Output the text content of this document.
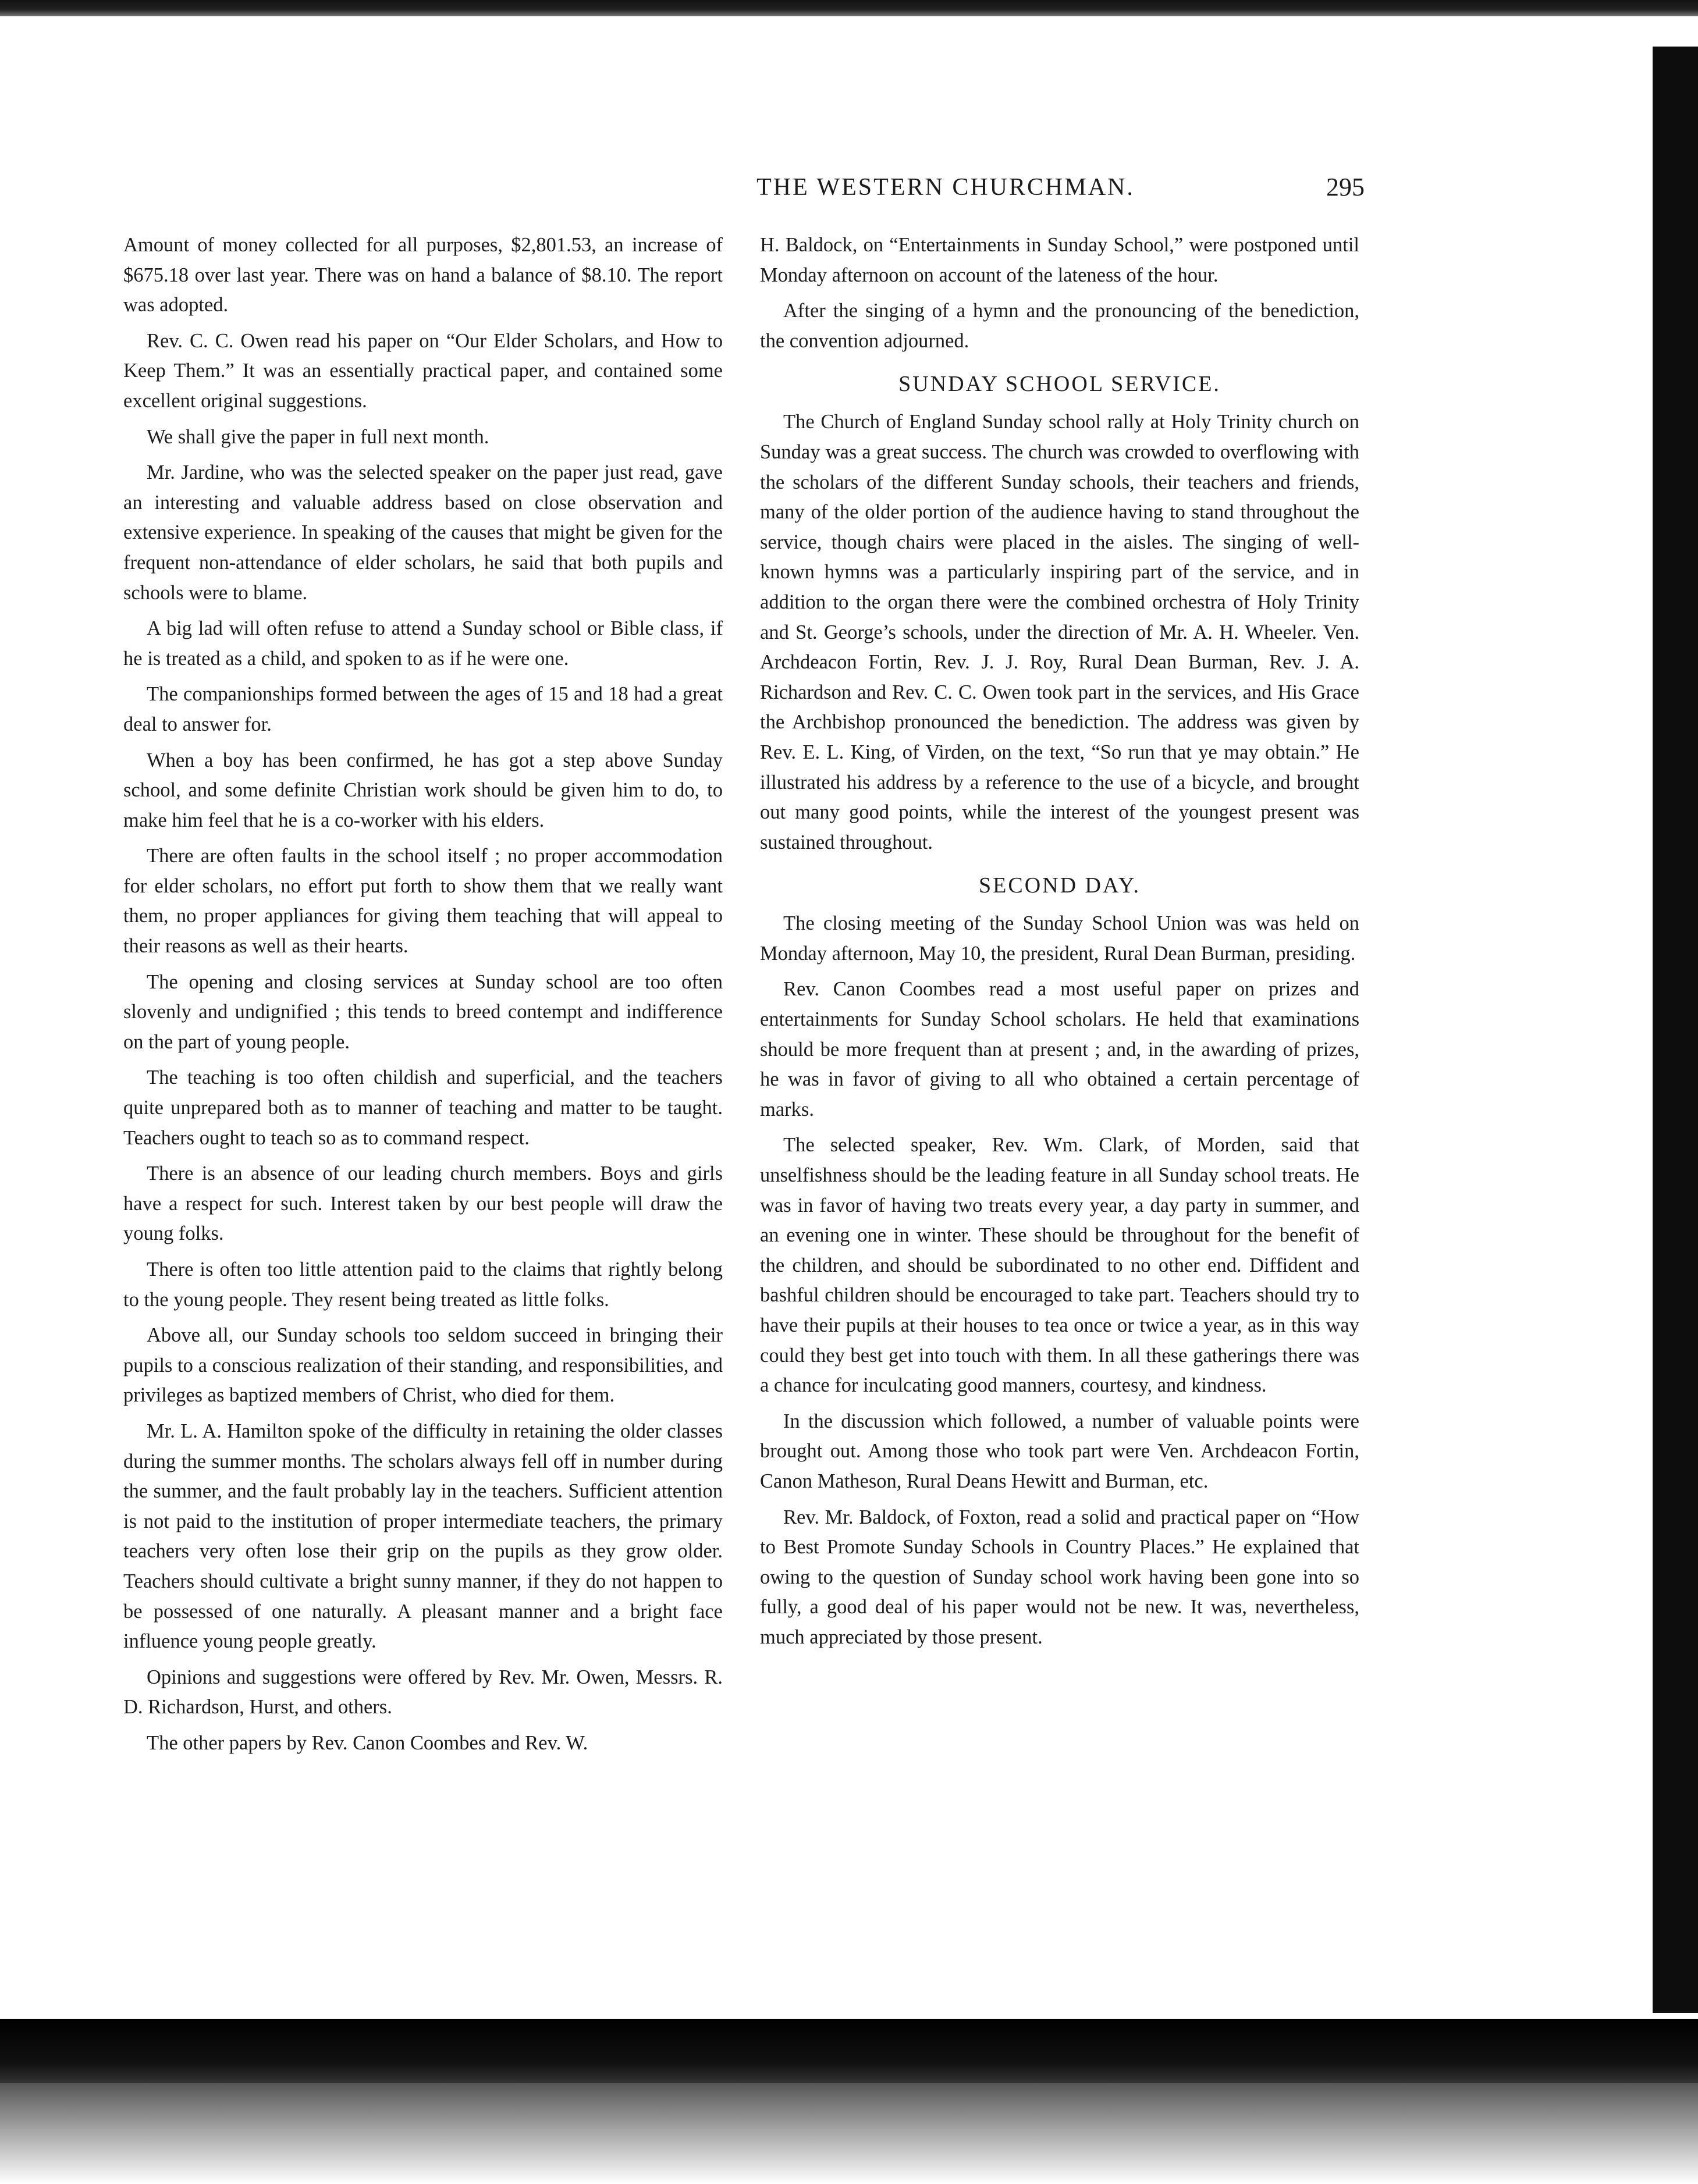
THE WESTERN CHURCHMAN.	295

Amount of money collected for all purposes, $2,801.53, an increase of $675.18 over last year. There was on hand a balance of $8.10. The report was adopted.

Rev. C. C. Owen read his paper on “Our Elder Scholars, and How to Keep Them.” It was an essentially practical paper, and contained some excellent original suggestions.

We shall give the paper in full next month.

Mr. Jardine, who was the selected speaker on the paper just read, gave an interesting and valuable address based on close observation and extensive experience. In speaking of the causes that might be given for the frequent non-attendance of elder scholars, he said that both pupils and schools were to blame.

A big lad will often refuse to attend a Sunday school or Bible class, if he is treated as a child, and spoken to as if he were one.

The companionships formed between the ages of 15 and 18 had a great deal to answer for.

When a boy has been confirmed, he has got a step above Sunday school, and some definite Christian work should be given him to do, to make him feel that he is a co-worker with his elders.

There are often faults in the school itself ; no proper accommodation for elder scholars, no effort put forth to show them that we really want them, no proper appliances for giving them teaching that will appeal to their reasons as well as their hearts.

The opening and closing services at Sunday school are too often slovenly and undignified ; this tends to breed contempt and indifference on the part of young people.

The teaching is too often childish and superficial, and the teachers quite unprepared both as to manner of teaching and matter to be taught. Teachers ought to teach so as to command respect.

There is an absence of our leading church members. Boys and girls have a respect for such. Interest taken by our best people will draw the young folks.

There is often too little attention paid to the claims that rightly belong to the young people. They resent being treated as little folks.

Above all, our Sunday schools too seldom succeed in bringing their pupils to a conscious realization of their standing, and responsibilities, and privileges as baptized members of Christ, who died for them.

Mr. L. A. Hamilton spoke of the difficulty in retaining the older classes during the summer months. The scholars always fell off in number during the summer, and the fault probably lay in the teachers. Sufficient attention is not paid to the institution of proper intermediate teachers, the primary teachers very often lose their grip on the pupils as they grow older. Teachers should cultivate a bright sunny manner, if they do not happen to be possessed of one naturally. A pleasant manner and a bright face influence young people greatly.

Opinions and suggestions were offered by Rev. Mr. Owen, Messrs. R. D. Richardson, Hurst, and others.

The other papers by Rev. Canon Coombes and Rev. W.

H. Baldock, on “Entertainments in Sunday School,” were postponed until Monday afternoon on account of the lateness of the hour.

After the singing of a hymn and the pronouncing of the benediction, the convention adjourned.

SUNDAY SCHOOL SERVICE.

The Church of England Sunday school rally at Holy Trinity church on Sunday was a great success. The church was crowded to overflowing with the scholars of the different Sunday schools, their teachers and friends, many of the older portion of the audience having to stand throughout the service, though chairs were placed in the aisles. The singing of well-known hymns was a particularly inspiring part of the service, and in addition to the organ there were the combined orchestra of Holy Trinity and St. George’s schools, under the direction of Mr. A. H. Wheeler. Ven. Archdeacon Fortin, Rev. J. J. Roy, Rural Dean Burman, Rev. J. A. Richardson and Rev. C. C. Owen took part in the services, and His Grace the Archbishop pronounced the benediction. The address was given by Rev. E. L. King, of Virden, on the text, “So run that ye may obtain.” He illustrated his address by a reference to the use of a bicycle, and brought out many good points, while the interest of the youngest present was sustained throughout.

SECOND DAY.

The closing meeting of the Sunday School Union was was held on Monday afternoon, May 10, the president, Rural Dean Burman, presiding.

Rev. Canon Coombes read a most useful paper on prizes and entertainments for Sunday School scholars. He held that examinations should be more frequent than at present ; and, in the awarding of prizes, he was in favor of giving to all who obtained a certain percentage of marks.

The selected speaker, Rev. Wm. Clark, of Morden, said that unselfishness should be the leading feature in all Sunday school treats. He was in favor of having two treats every year, a day party in summer, and an evening one in winter. These should be throughout for the benefit of the children, and should be subordinated to no other end. Diffident and bashful children should be encouraged to take part. Teachers should try to have their pupils at their houses to tea once or twice a year, as in this way could they best get into touch with them. In all these gatherings there was a chance for inculcating good manners, courtesy, and kindness.

In the discussion which followed, a number of valuable points were brought out. Among those who took part were Ven. Archdeacon Fortin, Canon Matheson, Rural Deans Hewitt and Burman, etc.

Rev. Mr. Baldock, of Foxton, read a solid and practical paper on “How to Best Promote Sunday Schools in Country Places.” He explained that owing to the question of Sunday school work having been gone into so fully, a good deal of his paper would not be new. It was, nevertheless, much appreciated by those present.
